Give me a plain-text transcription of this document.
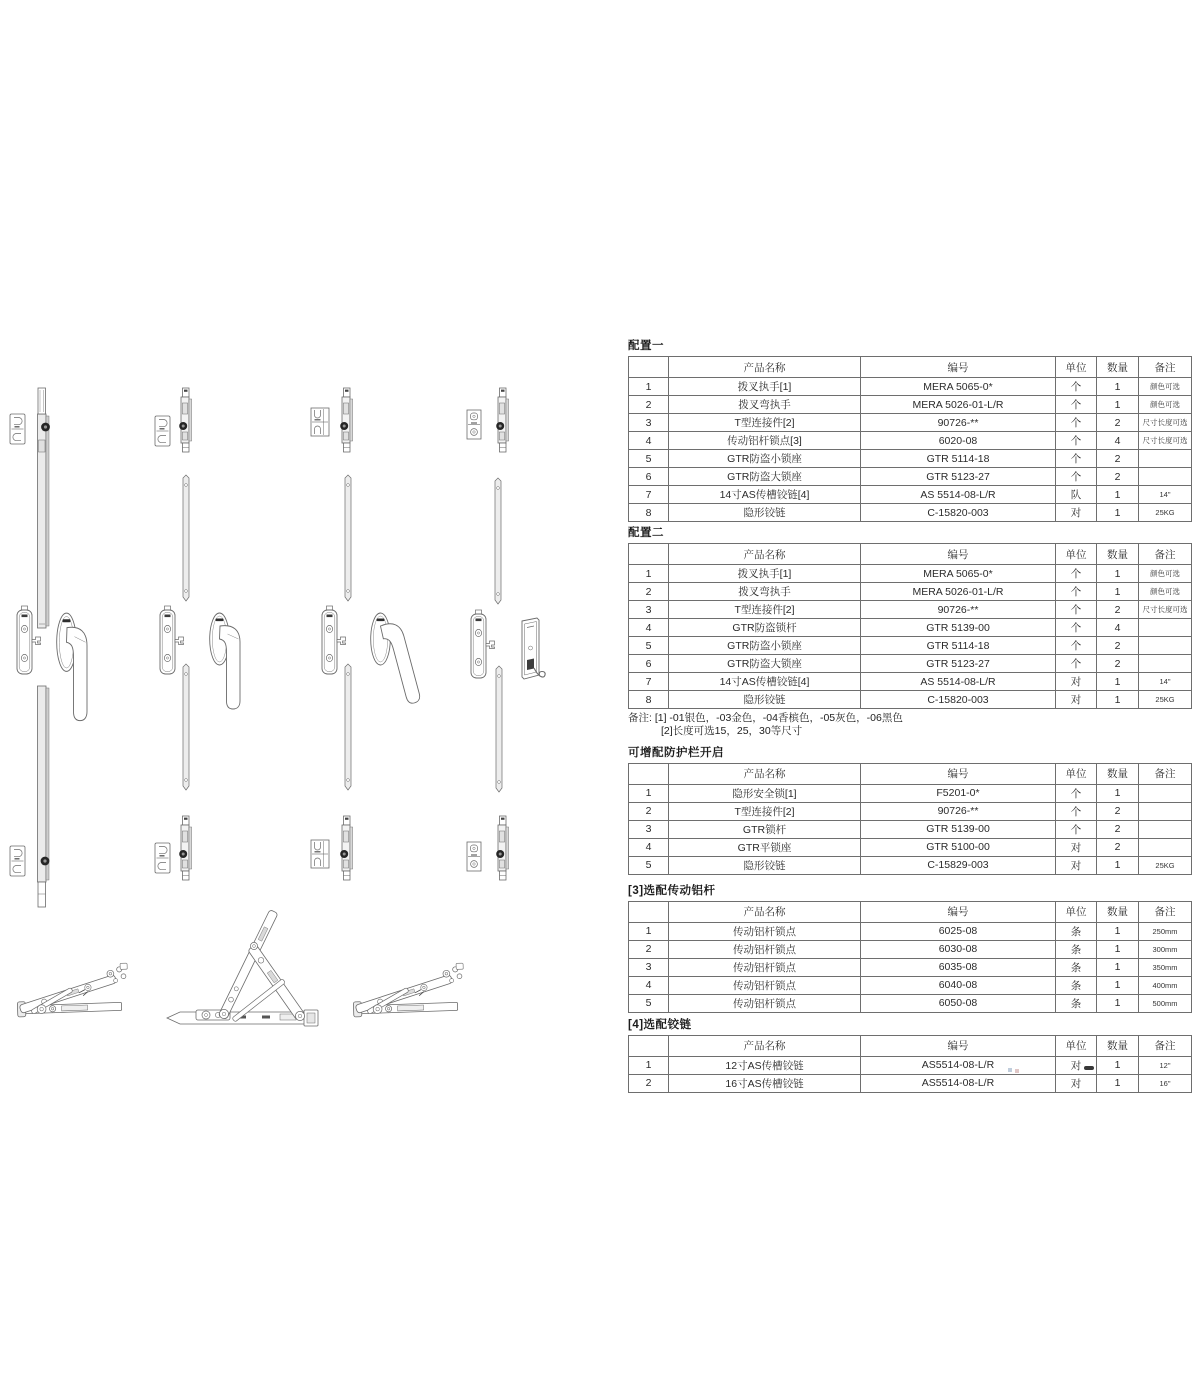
配置一
	产品名称	编号	单位	数量	备注
1	拨叉执手[1]	MERA 5065-0*	个	1	颜色可选
2	拨叉弯执手	MERA 5026-01-L/R	个	1	颜色可选
3	T型连接件[2]	90726-**	个	2	尺寸长度可选
4	传动铝杆锁点[3]	6020-08	个	4	尺寸长度可选
5	GTR防盗小锁座	GTR 5114-18	个	2	
6	GTR防盗大锁座	GTR 5123-27	个	2	
7	14寸AS传槽铰链[4]	AS 5514-08-L/R	队	1	14"
8	隐形铰链	C-15820-003	对	1	25KG
配置二
	产品名称	编号	单位	数量	备注
1	拨叉执手[1]	MERA 5065-0*	个	1	颜色可选
2	拨叉弯执手	MERA 5026-01-L/R	个	1	颜色可选
3	T型连接件[2]	90726-**	个	2	尺寸长度可选
4	GTR防盗锁杆	GTR 5139-00	个	4	
5	GTR防盗小锁座	GTR 5114-18	个	2	
6	GTR防盗大锁座	GTR 5123-27	个	2	
7	14寸AS传槽铰链[4]	AS 5514-08-L/R	对	1	14"
8	隐形铰链	C-15820-003	对	1	25KG
备注: [1] -01银色，-03金色，-04香槟色，-05灰色，-06黑色
[2]长度可选15，25，30等尺寸
可增配防护栏开启
	产品名称	编号	单位	数量	备注
1	隐形安全锁[1]	F5201-0*	个	1	
2	T型连接件[2]	90726-**	个	2	
3	GTR锁杆	GTR 5139-00	个	2	
4	GTR平锁座	GTR 5100-00	对	2	
5	隐形铰链	C-15829-003	对	1	25KG
[3]选配传动铝杆
	产品名称	编号	单位	数量	备注
1	传动铝杆锁点	6025-08	条	1	250mm
2	传动铝杆锁点	6030-08	条	1	300mm
3	传动铝杆锁点	6035-08	条	1	350mm
4	传动铝杆锁点	6040-08	条	1	400mm
5	传动铝杆锁点	6050-08	条	1	500mm
[4]选配铰链
	产品名称	编号	单位	数量	备注
1	12寸AS传槽铰链	AS5514-08-L/R	对	1	12"
2	16寸AS传槽铰链	AS5514-08-L/R	对	1	16"
